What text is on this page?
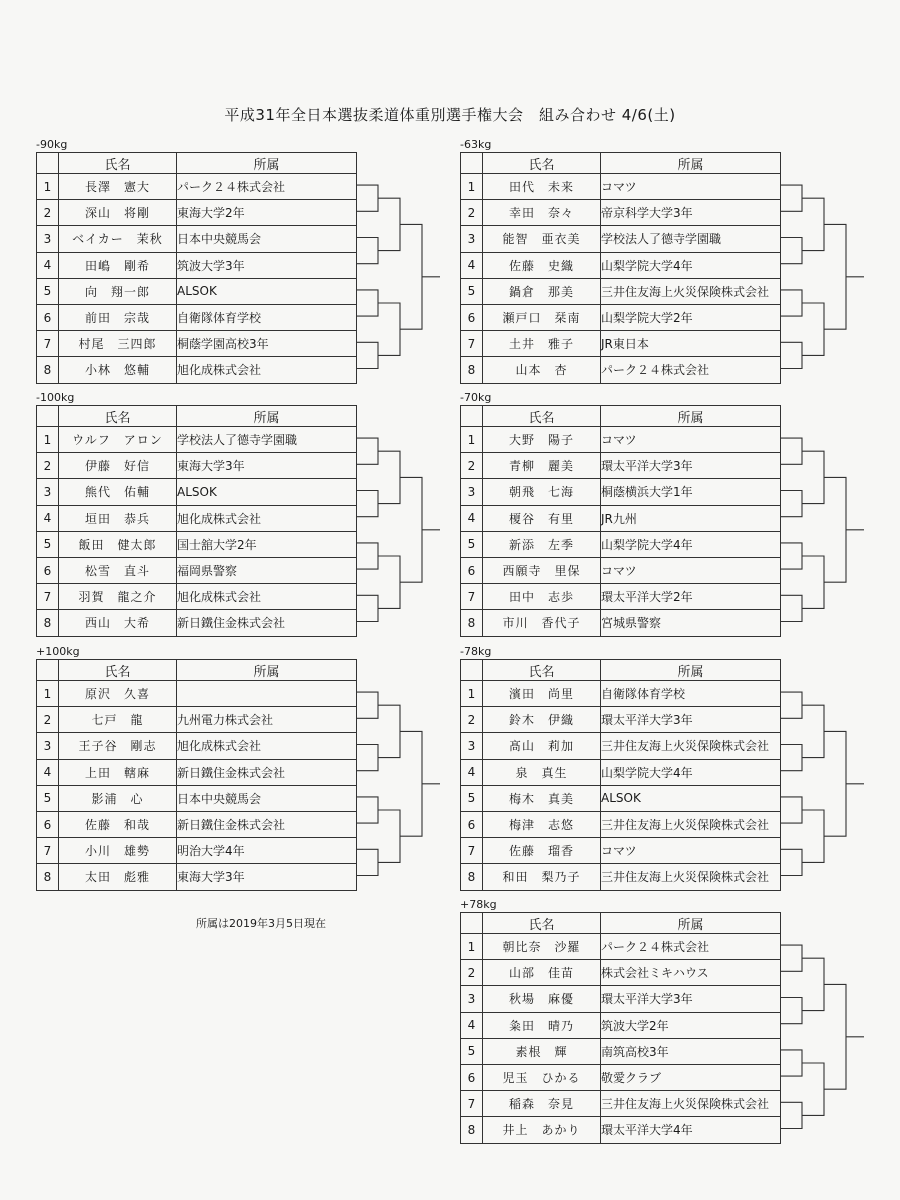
平成31年全日本選抜柔道体重別選手権大会　組み合わせ 4/6(土)
-90kg
	氏名	所属
1	長澤　憲大	パーク２４株式会社
2	深山　将剛	東海大学2年
3	ベイカー　茉秋	日本中央競馬会
4	田嶋　剛希	筑波大学3年
5	向　翔一郎	ALSOK
6	前田　宗哉	自衛隊体育学校
7	村尾　三四郎	桐蔭学園高校3年
8	小林　悠輔	旭化成株式会社
-100kg
	氏名	所属
1	ウルフ　アロン	学校法人了德寺学園職
2	伊藤　好信	東海大学3年
3	熊代　佑輔	ALSOK
4	垣田　恭兵	旭化成株式会社
5	飯田　健太郎	国士舘大学2年
6	松雪　直斗	福岡県警察
7	羽賀　龍之介	旭化成株式会社
8	西山　大希	新日鐵住金株式会社
+100kg
	氏名	所属
1	原沢　久喜	
2	七戸　龍	九州電力株式会社
3	王子谷　剛志	旭化成株式会社
4	上田　轄麻	新日鐵住金株式会社
5	影浦　心	日本中央競馬会
6	佐藤　和哉	新日鐵住金株式会社
7	小川　雄勢	明治大学4年
8	太田　彪雅	東海大学3年
-63kg
	氏名	所属
1	田代　未来	コマツ
2	幸田　奈々	帝京科学大学3年
3	能智　亜衣美	学校法人了德寺学園職
4	佐藤　史織	山梨学院大学4年
5	鍋倉　那美	三井住友海上火災保険株式会社
6	瀬戸口　栞南	山梨学院大学2年
7	土井　雅子	JR東日本
8	山本　杏	パーク２４株式会社
-70kg
	氏名	所属
1	大野　陽子	コマツ
2	青柳　麗美	環太平洋大学3年
3	朝飛　七海	桐蔭横浜大学1年
4	榎谷　有里	JR九州
5	新添　左季	山梨学院大学4年
6	西願寺　里保	コマツ
7	田中　志歩	環太平洋大学2年
8	市川　香代子	宮城県警察
-78kg
	氏名	所属
1	濱田　尚里	自衛隊体育学校
2	鈴木　伊織	環太平洋大学3年
3	髙山　莉加	三井住友海上火災保険株式会社
4	泉　真生	山梨学院大学4年
5	梅木　真美	ALSOK
6	梅津　志悠	三井住友海上火災保険株式会社
7	佐藤　瑠香	コマツ
8	和田　梨乃子	三井住友海上火災保険株式会社
+78kg
	氏名	所属
1	朝比奈　沙羅	パーク２４株式会社
2	山部　佳苗	株式会社ミキハウス
3	秋場　麻優	環太平洋大学3年
4	粂田　晴乃	筑波大学2年
5	素根　輝	南筑高校3年
6	児玉　ひかる	敬愛クラブ
7	稲森　奈見	三井住友海上火災保険株式会社
8	井上　あかり	環太平洋大学4年
所属は2019年3月5日現在
